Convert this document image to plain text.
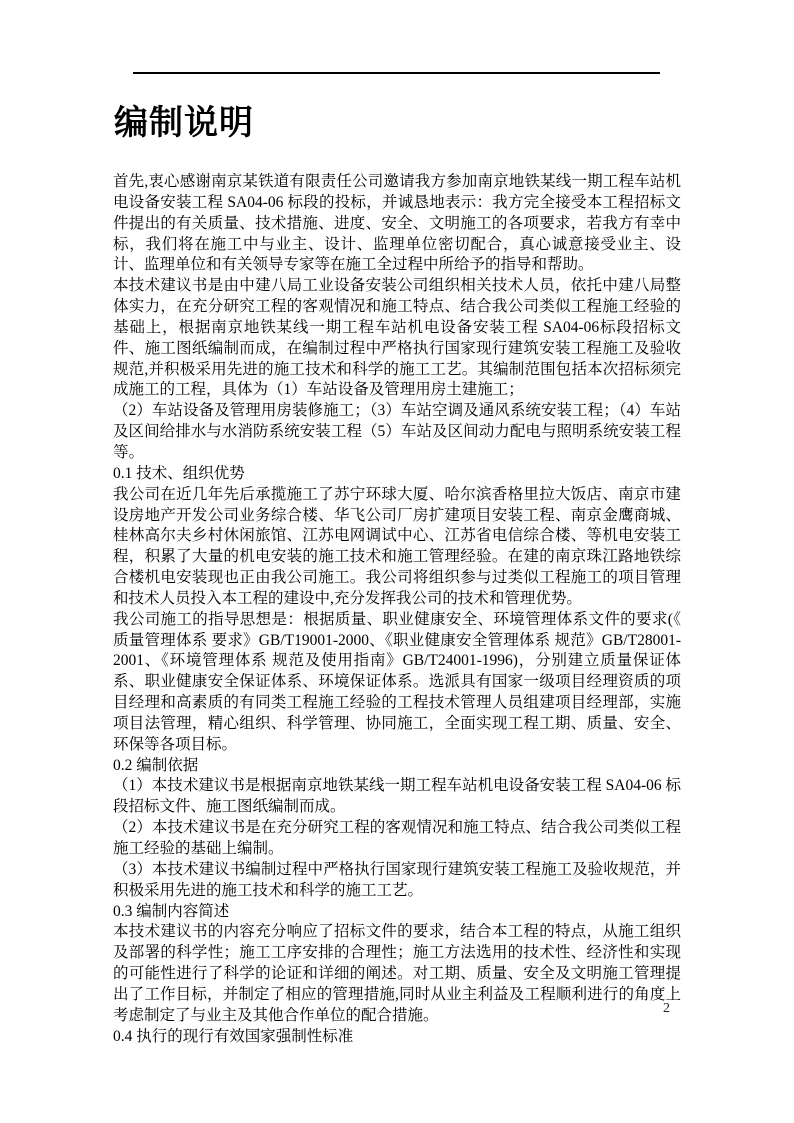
编制说明

首先,衷心感谢南京某铁道有限责任公司邀请我方参加南京地铁某线一期工程车站机电设备安装工程 SA04-06 标段的投标，并诚恳地表示：我方完全接受本工程招标文件提出的有关质量、技术措施、进度、安全、文明施工的各项要求，若我方有幸中标，我们将在施工中与业主、设计、监理单位密切配合，真心诚意接受业主、设计、监理单位和有关领导专家等在施工全过程中所给予的指导和帮助。

本技术建议书是由中建八局工业设备安装公司组织相关技术人员，依托中建八局整体实力，在充分研究工程的客观情况和施工特点、结合我公司类似工程施工经验的基础上，根据南京地铁某线一期工程车站机电设备安装工程 SA04-06标段招标文件、施工图纸编制而成，在编制过程中严格执行国家现行建筑安装工程施工及验收规范,并积极采用先进的施工技术和科学的施工工艺。其编制范围包括本次招标须完成施工的工程，具体为（1）车站设备及管理用房土建施工；

（2）车站设备及管理用房装修施工；（3）车站空调及通风系统安装工程；（4）车站及区间给排水与水消防系统安装工程（5）车站及区间动力配电与照明系统安装工程等。

0.1 技术、组织优势

我公司在近几年先后承揽施工了苏宁环球大厦、哈尔滨香格里拉大饭店、南京市建设房地产开发公司业务综合楼、华飞公司厂房扩建项目安装工程、南京金鹰商城、桂林高尔夫乡村休闲旅馆、江苏电网调试中心、江苏省电信综合楼、等机电安装工程，积累了大量的机电安装的施工技术和施工管理经验。在建的南京珠江路地铁综合楼机电安装现也正由我公司施工。我公司将组织参与过类似工程施工的项目管理和技术人员投入本工程的建设中,充分发挥我公司的技术和管理优势。

我公司施工的指导思想是：根据质量、职业健康安全、环境管理体系文件的要求(《 质量管理体系 要求》GB/T19001-2000、《职业健康安全管理体系 规范》GB/T28001-2001、《环境管理体系 规范及使用指南》GB/T24001-1996)，分别建立质量保证体系、职业健康安全保证体系、环境保证体系。选派具有国家一级项目经理资质的项目经理和高素质的有同类工程施工经验的工程技术管理人员组建项目经理部，实施项目法管理，精心组织、科学管理、协同施工，全面实现工程工期、质量、安全、环保等各项目标。

0.2 编制依据

（1）本技术建议书是根据南京地铁某线一期工程车站机电设备安装工程 SA04-06 标段招标文件、施工图纸编制而成。

（2）本技术建议书是在充分研究工程的客观情况和施工特点、结合我公司类似工程施工经验的基础上编制。

（3）本技术建议书编制过程中严格执行国家现行建筑安装工程施工及验收规范，并积极采用先进的施工技术和科学的施工工艺。

0.3 编制内容简述

本技术建议书的内容充分响应了招标文件的要求，结合本工程的特点，从施工组织及部署的科学性；施工工序安排的合理性；施工方法选用的技术性、经济性和实现的可能性进行了科学的论证和详细的阐述。对工期、质量、安全及文明施工管理提出了工作目标，并制定了相应的管理措施,同时从业主利益及工程顺利进行的角度上考虑制定了与业主及其他合作单位的配合措施。

0.4 执行的现行有效国家强制性标准

2
